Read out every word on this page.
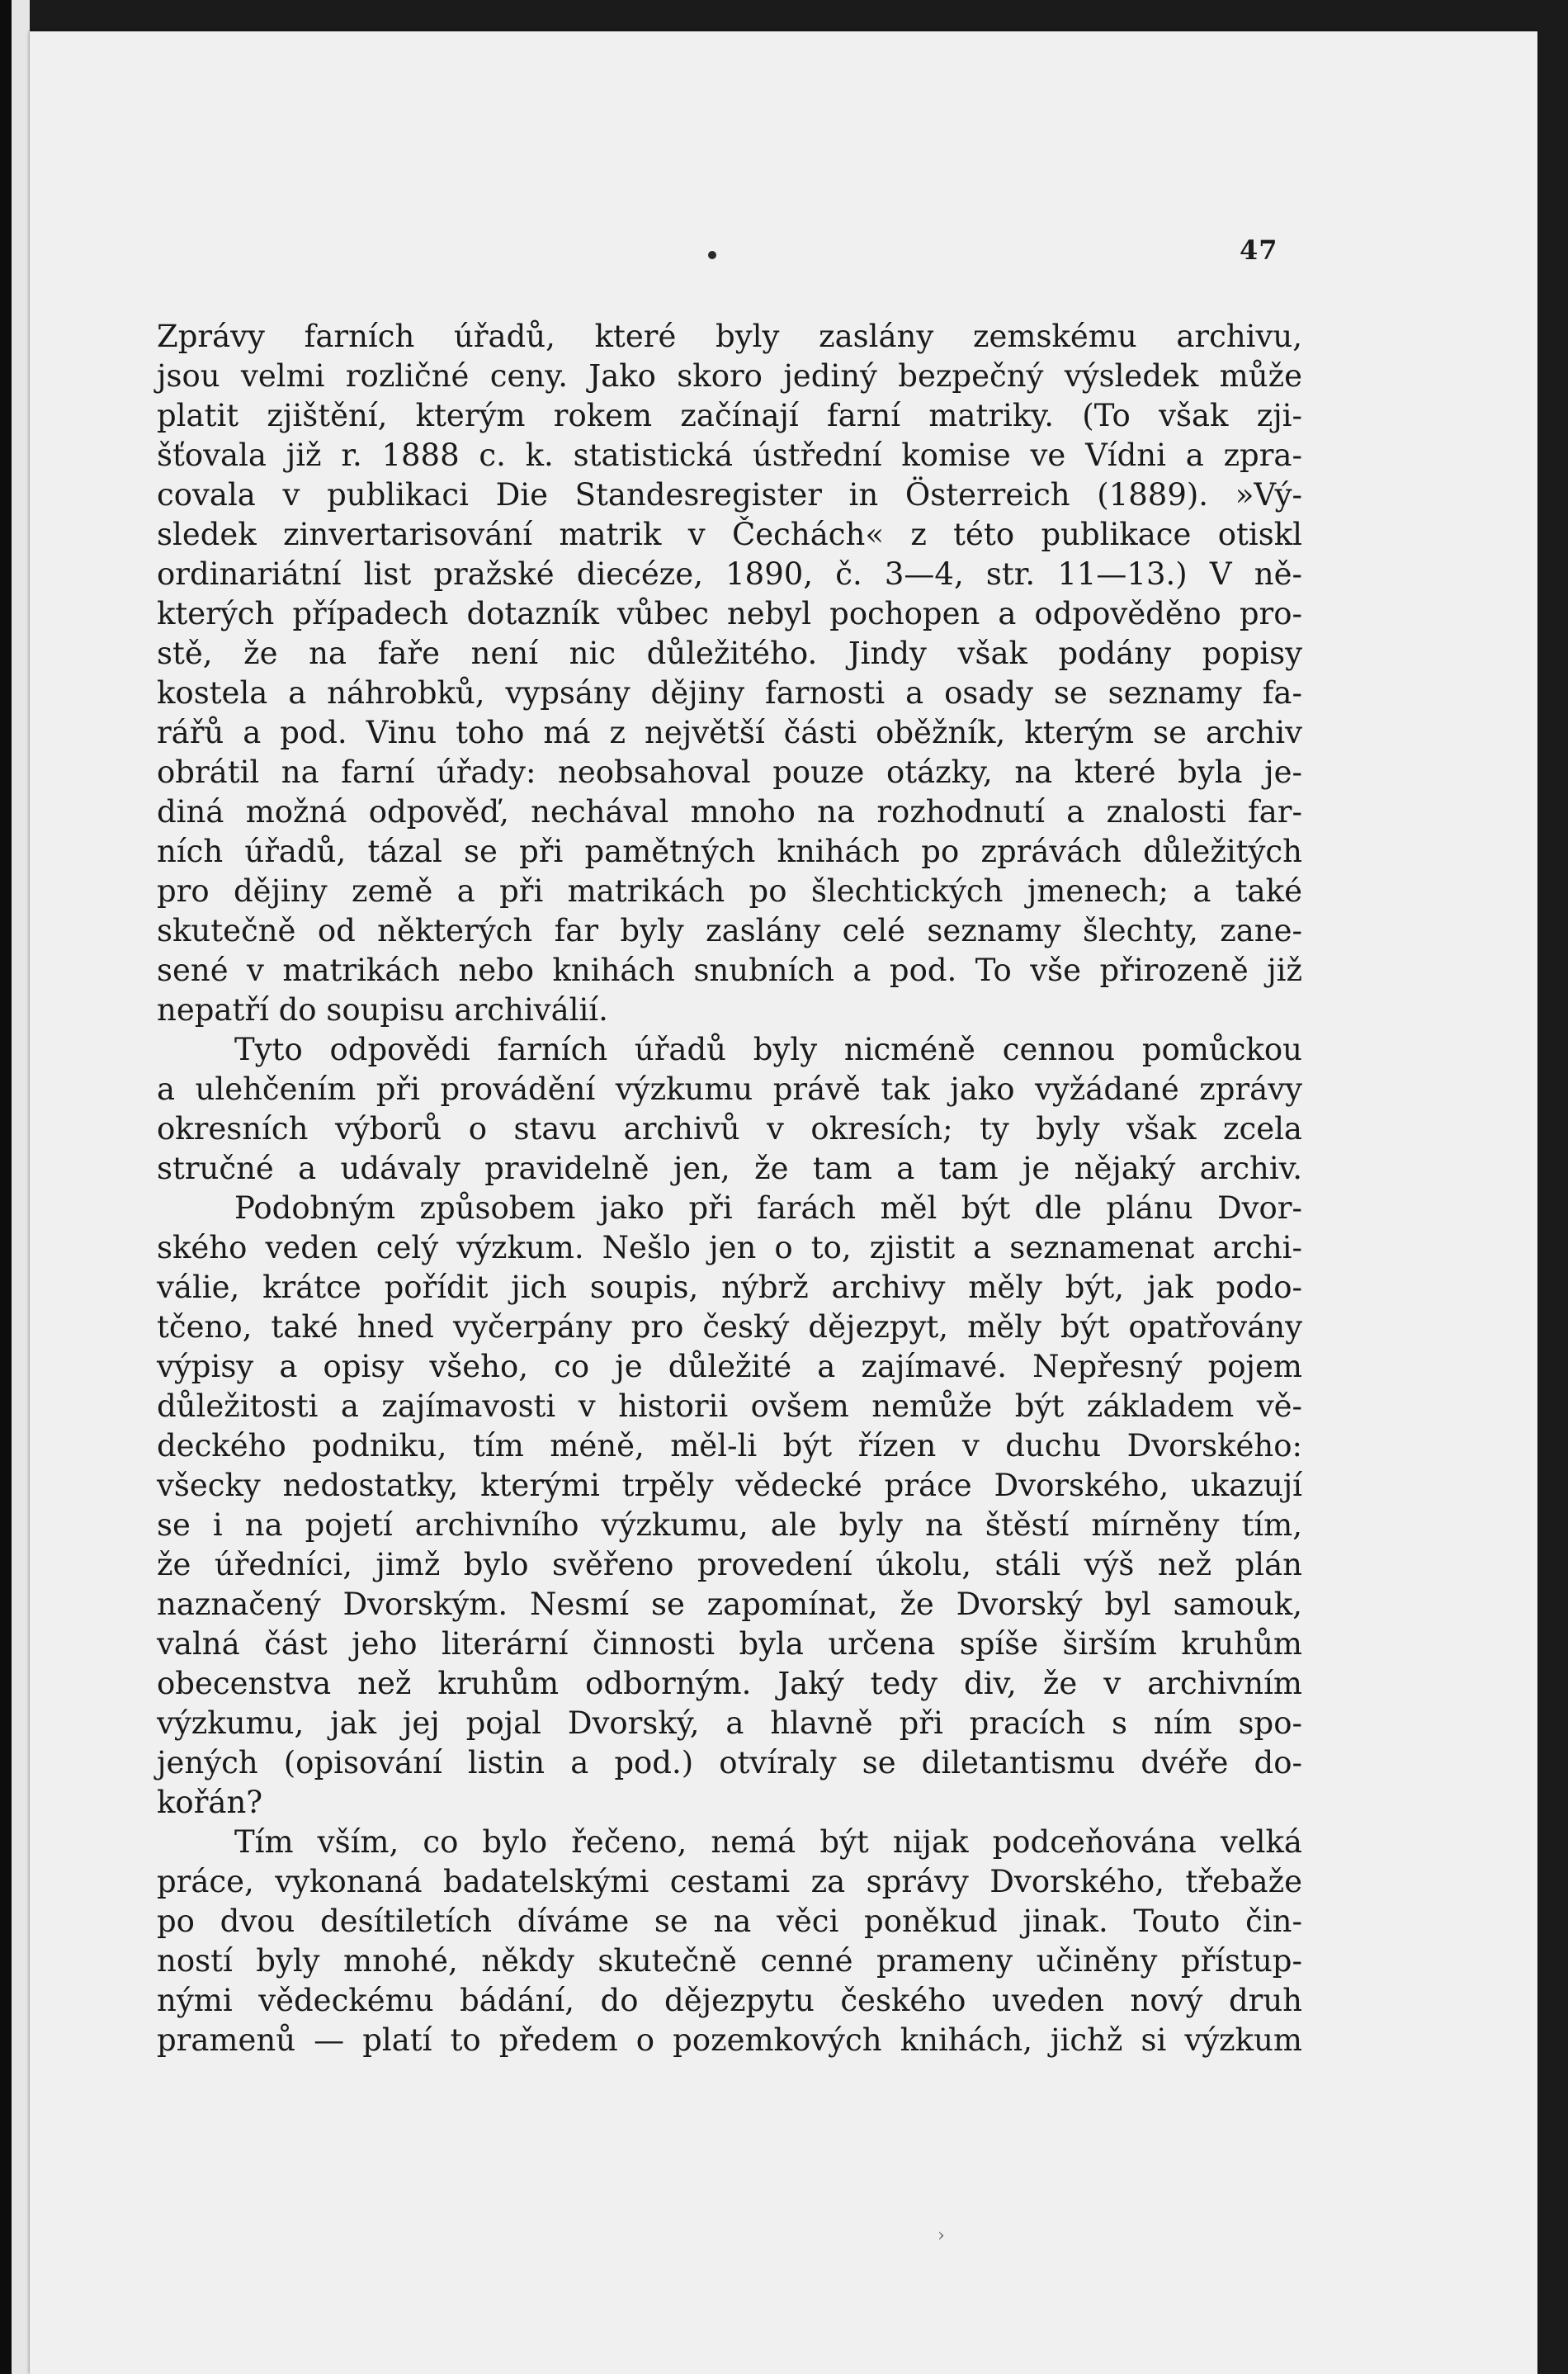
47
Zprávy farních úřadů, které byly zaslány zemskému archivu,
jsou velmi rozličné ceny. Jako skoro jediný bezpečný výsledek může
platit zjištění, kterým rokem začínají farní matriky. (To však zji-
šťovala již r. 1888 c. k. statistická ústřední komise ve Vídni a zpra-
covala v publikaci Die Standesregister in Österreich (1889). »Vý-
sledek zinvertarisování matrik v Čechách« z této publikace otiskl
ordinariátní list pražské diecéze, 1890, č. 3—4, str. 11—13.) V ně-
kterých případech dotazník vůbec nebyl pochopen a odpověděno pro-
stě, že na faře není nic důležitého. Jindy však podány popisy
kostela a náhrobků, vypsány dějiny farnosti a osady se seznamy fa-
rářů a pod. Vinu toho má z největší části oběžník, kterým se archiv
obrátil na farní úřady: neobsahoval pouze otázky, na které byla je-
diná možná odpověď, nechával mnoho na rozhodnutí a znalosti far-
ních úřadů, tázal se při pamětných knihách po zprávách důležitých
pro dějiny země a při matrikách po šlechtických jmenech; a také
skutečně od některých far byly zaslány celé seznamy šlechty, zane-
sené v matrikách nebo knihách snubních a pod. To vše přirozeně již
nepatří do soupisu archiválií.
Tyto odpovědi farních úřadů byly nicméně cennou pomůckou
a ulehčením při provádění výzkumu právě tak jako vyžádané zprávy
okresních výborů o stavu archivů v okresích; ty byly však zcela
stručné a udávaly pravidelně jen, že tam a tam je nějaký archiv.
Podobným způsobem jako při farách měl být dle plánu Dvor-
ského veden celý výzkum. Nešlo jen o to, zjistit a seznamenat archi-
válie, krátce pořídit jich soupis, nýbrž archivy měly být, jak podo-
tčeno, také hned vyčerpány pro český dějezpyt, měly být opatřovány
výpisy a opisy všeho, co je důležité a zajímavé. Nepřesný pojem
důležitosti a zajímavosti v historii ovšem nemůže být základem vě-
deckého podniku, tím méně, měl-li být řízen v duchu Dvorského:
všecky nedostatky, kterými trpěly vědecké práce Dvorského, ukazují
se i na pojetí archivního výzkumu, ale byly na štěstí mírněny tím,
že úředníci, jimž bylo svěřeno provedení úkolu, stáli výš než plán
naznačený Dvorským. Nesmí se zapomínat, že Dvorský byl samouk,
valná část jeho literární činnosti byla určena spíše širším kruhům
obecenstva než kruhům odborným. Jaký tedy div, že v archivním
výzkumu, jak jej pojal Dvorský, a hlavně při pracích s ním spo-
jených (opisování listin a pod.) otvíraly se diletantismu dvéře do-
kořán?
Tím vším, co bylo řečeno, nemá být nijak podceňována velká
práce, vykonaná badatelskými cestami za správy Dvorského, třebaže
po dvou desítiletích díváme se na věci poněkud jinak. Touto čin-
ností byly mnohé, někdy skutečně cenné prameny učiněny přístup-
nými vědeckému bádání, do dějezpytu českého uveden nový druh
pramenů — platí to předem o pozemkových knihách, jichž si výzkum
›
